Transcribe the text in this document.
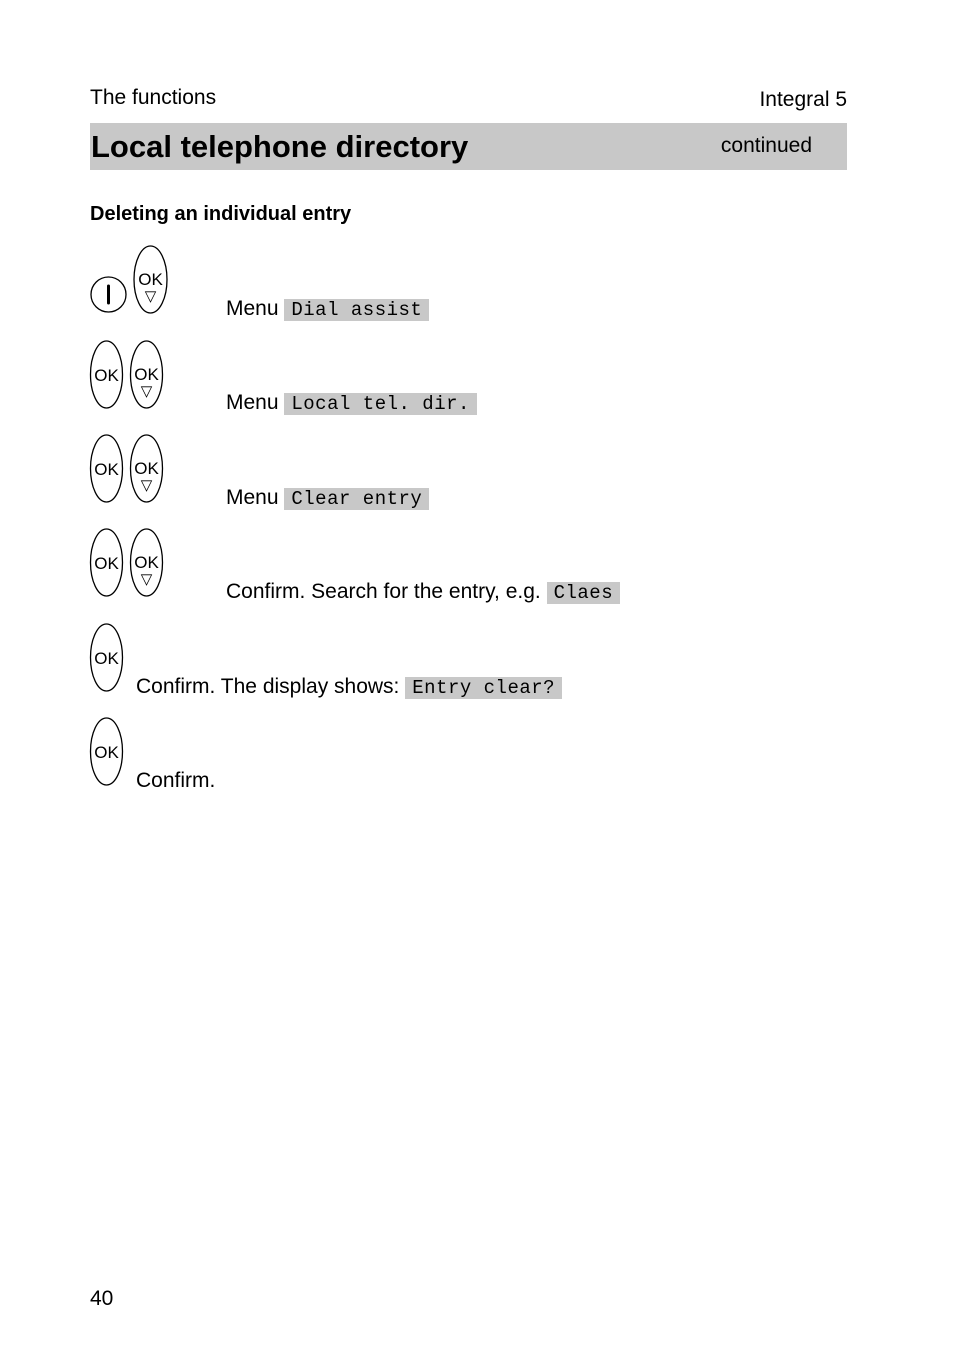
The functions	Integral 5
Local telephone directory	continued
Deleting an individual entry
OK
▽
Menu Dial assist
OK OK
▽	Menu Local tel. dir.
OK OK
▽
Menu Clear entry
OK OK
▽
Confirm. Search for the entry, e.g. Claes
OK
Confirm. The display shows: Entry clear?
OK
Confirm.
40
